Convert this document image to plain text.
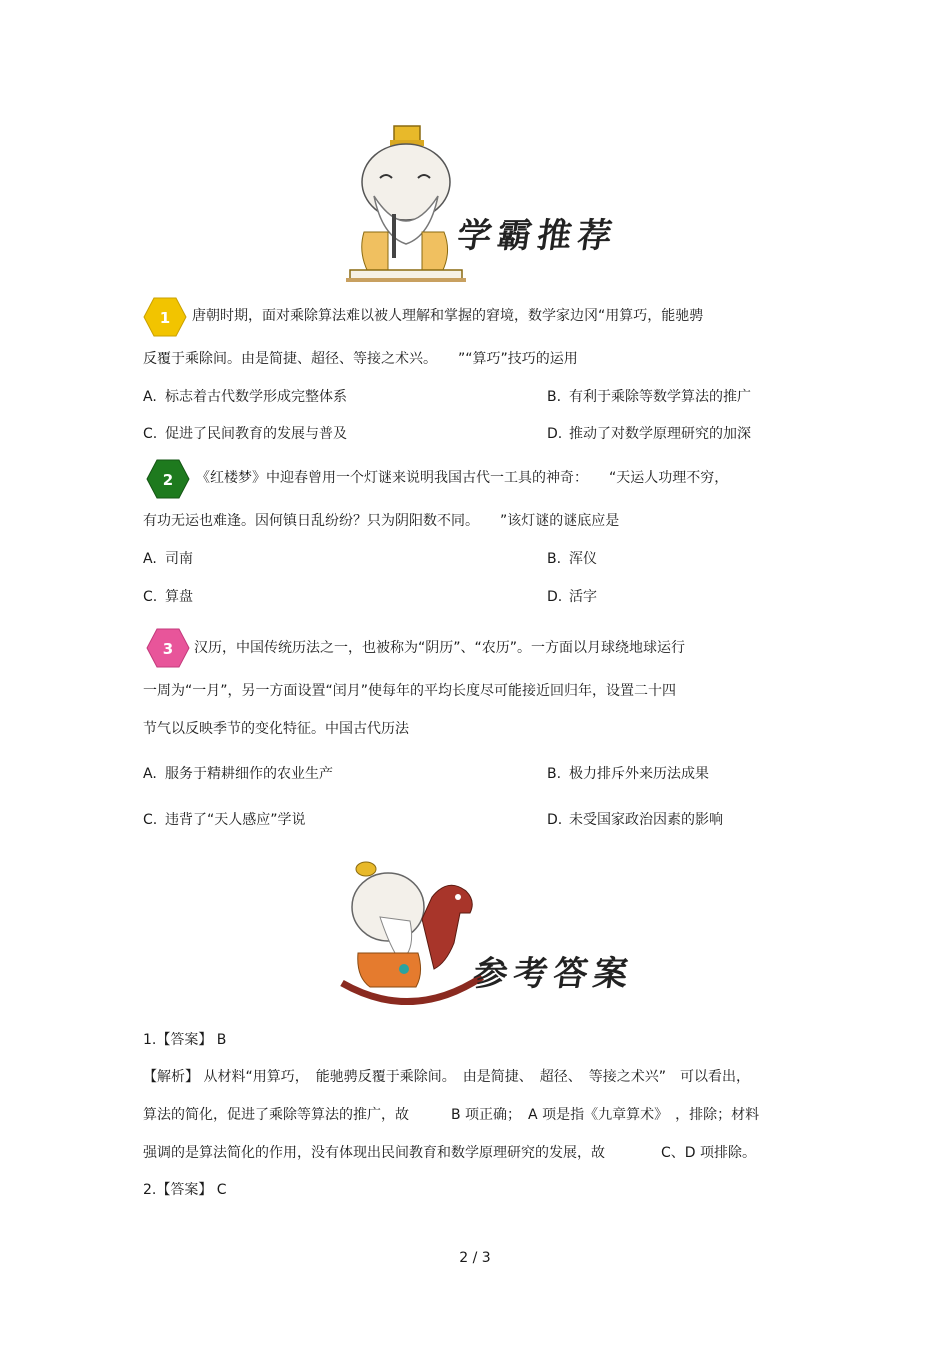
学霸推荐
1 唐朝时期，面对乘除算法难以被人理解和掌握的窘境，数学家边冈“用算巧，能驰骋
反覆于乘除间。由是简捷、超径、等接之术兴。　　”“算巧”技巧的运用
A. 标志着古代数学形成完整体系	B. 有利于乘除等数学算法的推广
C. 促进了民间教育的发展与普及	D. 推动了对数学原理研究的加深
2 《红楼梦》中迎春曾用一个灯谜来说明我国古代一工具的神奇：　　“天运人功理不穷，
有功无运也难逢。因何镇日乱纷纷？只为阴阳数不同。　　”该灯谜的谜底应是
A. 司南	B. 浑仪
C. 算盘	D. 活字
3 汉历，中国传统历法之一，也被称为“阴历”、“农历”。一方面以月球绕地球运行
一周为“一月”，另一方面设置“闰月”使每年的平均长度尽可能接近回归年，设置二十四
节气以反映季节的变化特征。中国古代历法
A. 服务于精耕细作的农业生产	B. 极力排斥外来历法成果
C. 违背了“天人感应”学说	D. 未受国家政治因素的影响
参考答案
1.【答案】 B
【解析】 从材料“用算巧，　能驰骋反覆于乘除间。　由是简捷、　超径、　等接之术兴”　可以看出，
算法的简化，促进了乘除等算法的推广，故　　　B 项正确；　A 项是指《九章算术》　，排除；材料
强调的是算法简化的作用，没有体现出民间教育和数学原理研究的发展，故　　　　C、D 项排除。
2.【答案】 C
2 / 3
